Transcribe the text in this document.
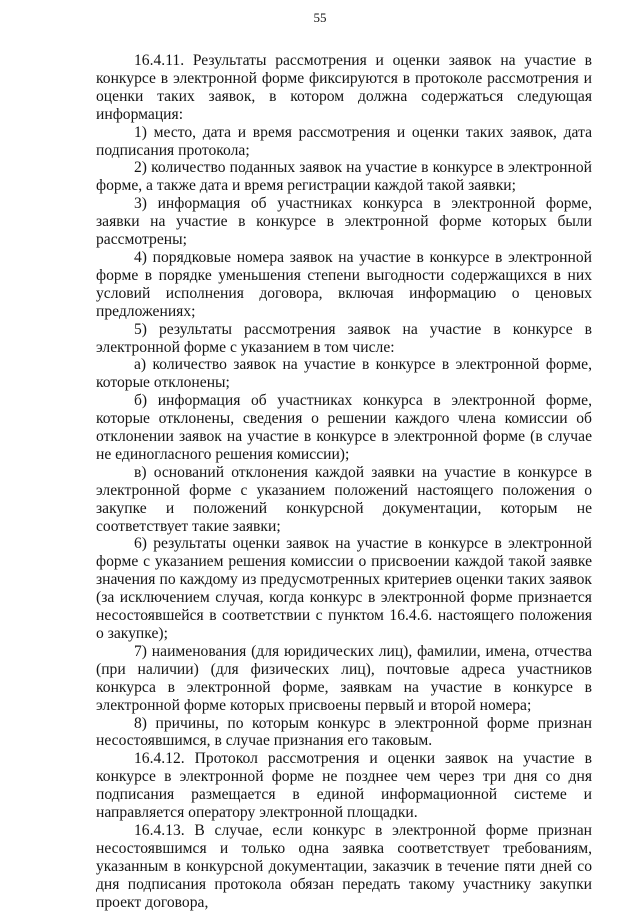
55

16.4.11. Результаты рассмотрения и оценки заявок на участие в конкурсе в электронной форме фиксируются в протоколе рассмотрения и оценки таких заявок, в котором должна содержаться следующая информация:

1) место, дата и время рассмотрения и оценки таких заявок, дата подписания протокола;

2) количество поданных заявок на участие в конкурсе в электронной форме, а также дата и время регистрации каждой такой заявки;

3) информация об участниках конкурса в электронной форме, заявки на участие в конкурсе в электронной форме которых были рассмотрены;

4) порядковые номера заявок на участие в конкурсе в электронной форме в порядке уменьшения степени выгодности содержащихся в них условий исполнения договора, включая информацию о ценовых предложениях;

5) результаты рассмотрения заявок на участие в конкурсе в электронной форме с указанием в том числе:

а) количество заявок на участие в конкурсе в электронной форме, которые отклонены;

б) информация об участниках конкурса в электронной форме, которые отклонены, сведения о решении каждого члена комиссии об отклонении заявок на участие в конкурсе в электронной форме (в случае не единогласного решения комиссии);

в) оснований отклонения каждой заявки на участие в конкурсе в электронной форме с указанием положений настоящего положения о закупке и положений конкурсной документации, которым не соответствует такие заявки;

6) результаты оценки заявок на участие в конкурсе в электронной форме с указанием решения комиссии о присвоении каждой такой заявке значения по каждому из предусмотренных критериев оценки таких заявок (за исключением случая, когда конкурс в электронной форме признается несостоявшейся в соответствии с пунктом 16.4.6. настоящего положения о закупке);

7) наименования (для юридических лиц), фамилии, имена, отчества (при наличии) (для физических лиц), почтовые адреса участников конкурса в электронной форме, заявкам на участие в конкурсе в электронной форме которых присвоены первый и второй номера;

8) причины, по которым конкурс в электронной форме признан несостоявшимся, в случае признания его таковым.

16.4.12. Протокол рассмотрения и оценки заявок на участие в конкурсе в электронной форме не позднее чем через три дня со дня подписания размещается в единой информационной системе и направляется оператору электронной площадки.

16.4.13. В случае, если конкурс в электронной форме признан несостоявшимся и только одна заявка соответствует требованиям, указанным в конкурсной документации, заказчик в течение пяти дней со дня подписания протокола обязан передать такому участнику закупки проект договора,
